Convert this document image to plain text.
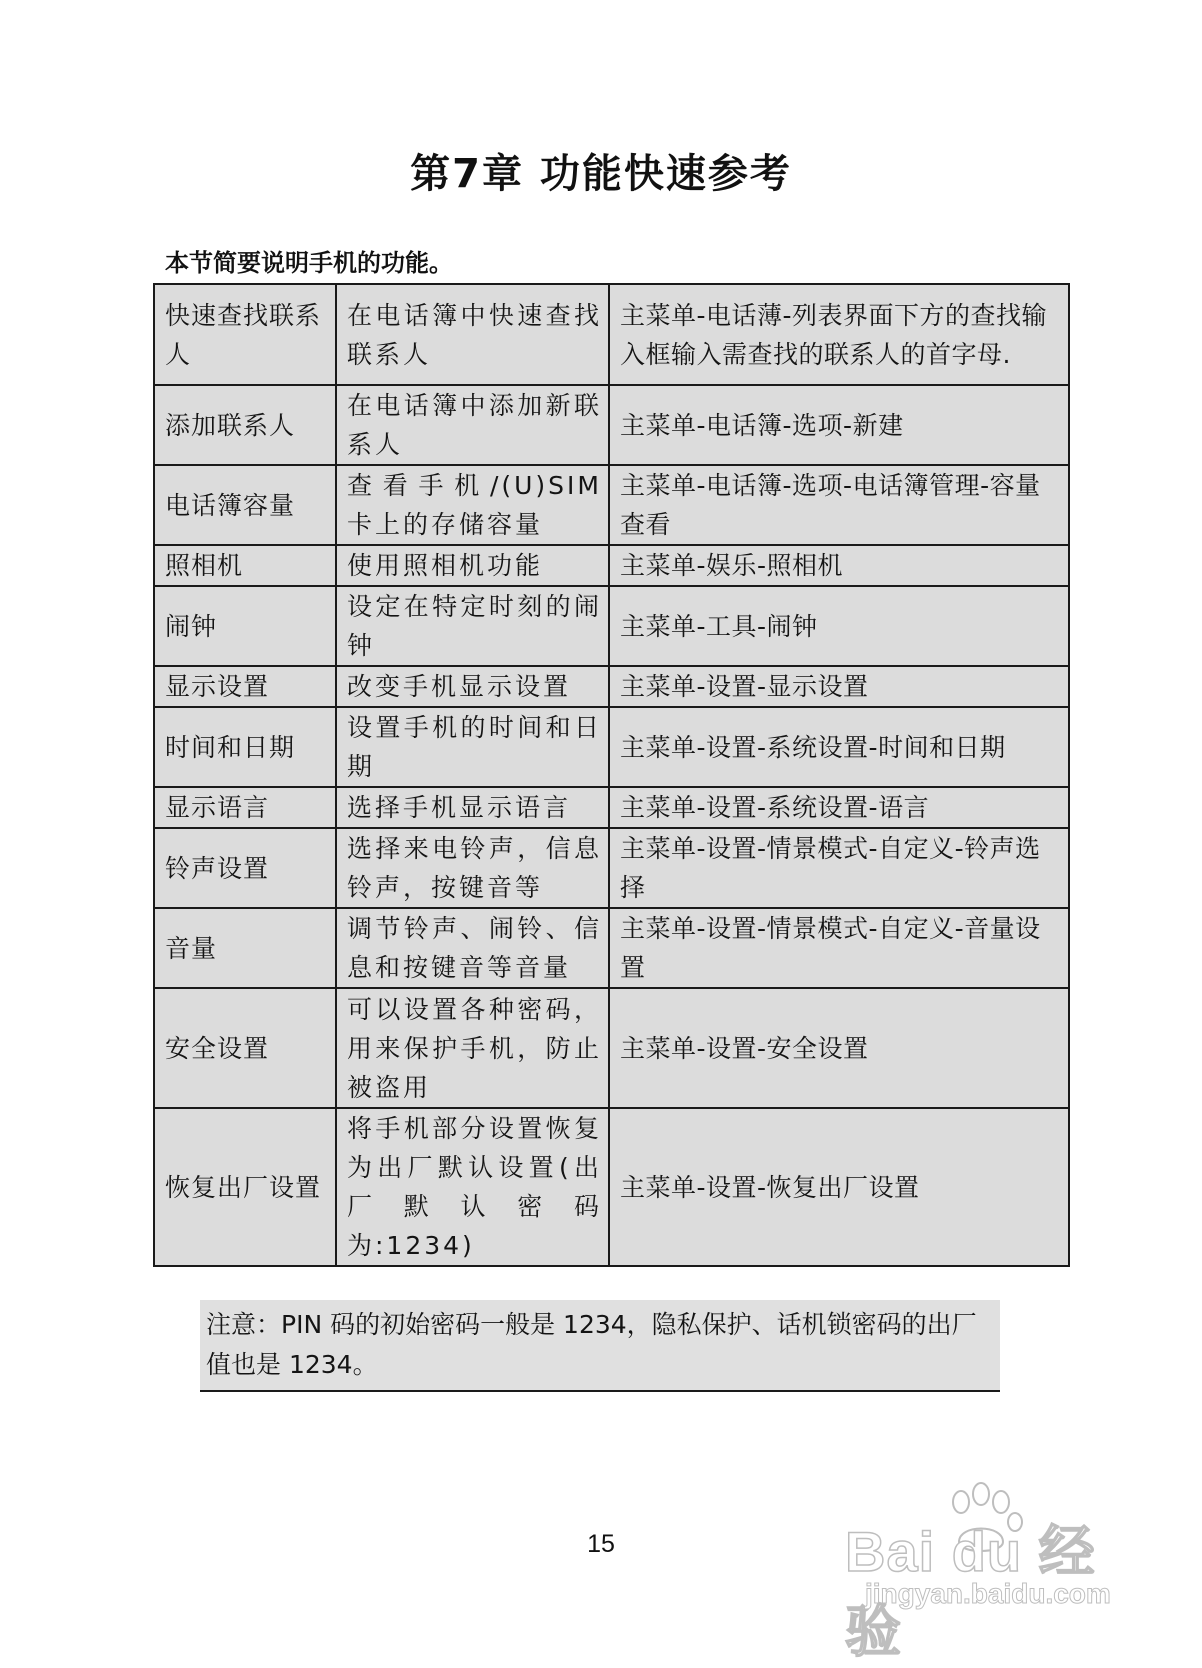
第7章 功能快速参考

本节简要说明手机的功能。

快速查找联系人	在电话簿中快速查找联系人	主菜单-电话薄-列表界面下方的查找输入框输入需查找的联系人的首字母.
添加联系人	在电话簿中添加新联系人	主菜单-电话簿-选项-新建
电话簿容量	查看手机/(U)SIM 卡上的存储容量	主菜单-电话簿-选项-电话簿管理-容量查看
照相机	使用照相机功能	主菜单-娱乐-照相机
闹钟	设定在特定时刻的闹钟	主菜单-工具-闹钟
显示设置	改变手机显示设置	主菜单-设置-显示设置
时间和日期	设置手机的时间和日期	主菜单-设置-系统设置-时间和日期
显示语言	选择手机显示语言	主菜单-设置-系统设置-语言
铃声设置	选择来电铃声，信息铃声，按键音等	主菜单-设置-情景模式-自定义-铃声选择
音量	调节铃声、闹铃、信息和按键音等音量	主菜单-设置-情景模式-自定义-音量设置
安全设置	可以设置各种密码，用来保护手机，防止被盗用	主菜单-设置-安全设置
恢复出厂设置	将手机部分设置恢复为出厂默认设置(出厂默认密码为:1234)	主菜单-设置-恢复出厂设置
注意：PIN 码的初始密码一般是 1234，隐私保护、话机锁密码的出厂值也是 1234。
15	Bai du 经验
jingyan.baidu.com
